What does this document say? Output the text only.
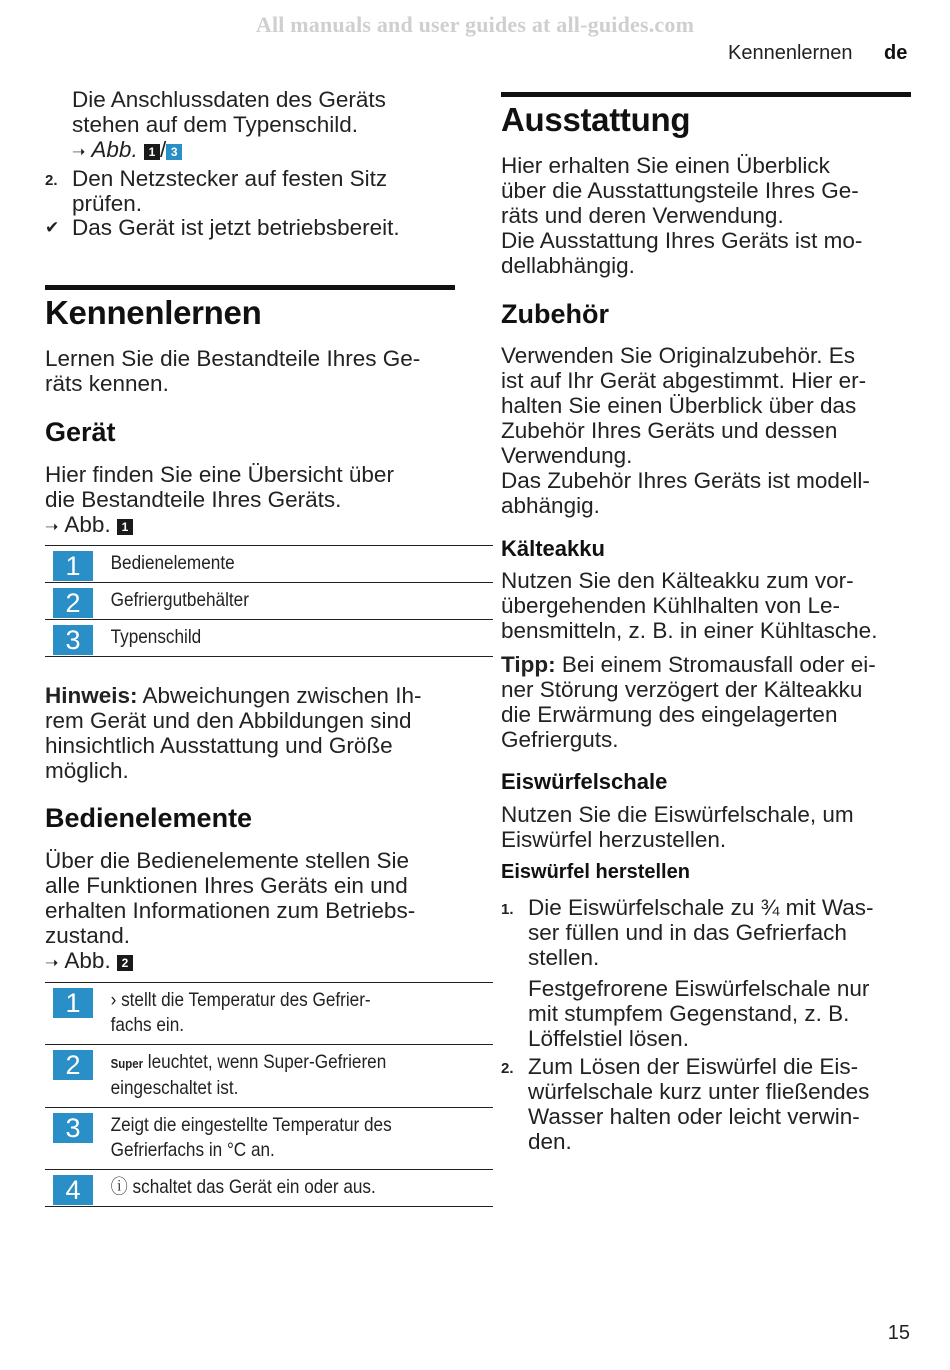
All manuals and user guides at all-guides.com
Kennenlernen de
Die Anschlussdaten des Geräts
stehen auf dem Typenschild.
➝ Abb. 1 / 3
2. Den Netzstecker auf festen Sitz
prüfen.
✔ Das Gerät ist jetzt betriebsbereit.
Kennenlernen
Lernen Sie die Bestandteile Ihres Ge-
räts kennen.
Gerät
Hier finden Sie eine Übersicht über
die Bestandteile Ihres Geräts.
➝ Abb. 1
1	Bedienelemente

2	Gefriergutbehälter

3	Typenschild
Hinweis: Abweichungen zwischen Ih-
rem Gerät und den Abbildungen sind
hinsichtlich Ausstattung und Größe
möglich.
Bedienelemente
Über die Bedienelemente stellen Sie
alle Funktionen Ihres Geräts ein und
erhalten Informationen zum Betriebs-
zustand.
➝ Abb. 2
1	› stellt die Temperatur des Gefrier-
fachs ein.

2	Super leuchtet, wenn Super-Gefrieren
eingeschaltet ist.

3	Zeigt die eingestellte Temperatur des
Gefrierfachs in °C an.

4	ⓘ schaltet das Gerät ein oder aus.
Ausstattung
Hier erhalten Sie einen Überblick
über die Ausstattungsteile Ihres Ge-
räts und deren Verwendung.
Die Ausstattung Ihres Geräts ist mo-
dellabhängig.
Zubehör
Verwenden Sie Originalzubehör. Es
ist auf Ihr Gerät abgestimmt. Hier er-
halten Sie einen Überblick über das
Zubehör Ihres Geräts und dessen
Verwendung.
Das Zubehör Ihres Geräts ist modell-
abhängig.
Kälteakku
Nutzen Sie den Kälteakku zum vor-
übergehenden Kühlhalten von Le-
bensmitteln, z. B. in einer Kühltasche.
Tipp: Bei einem Stromausfall oder ei-
ner Störung verzögert der Kälteakku
die Erwärmung des eingelagerten
Gefrierguts.
Eiswürfelschale
Nutzen Sie die Eiswürfelschale, um
Eiswürfel herzustellen.
Eiswürfel herstellen
1. Die Eiswürfelschale zu ¾ mit Was-
ser füllen und in das Gefrierfach
stellen.
Festgefrorene Eiswürfelschale nur
mit stumpfem Gegenstand, z. B.
Löffelstiel lösen.
2. Zum Lösen der Eiswürfel die Eis-
würfelschale kurz unter fließendes
Wasser halten oder leicht verwin-
den.
15
